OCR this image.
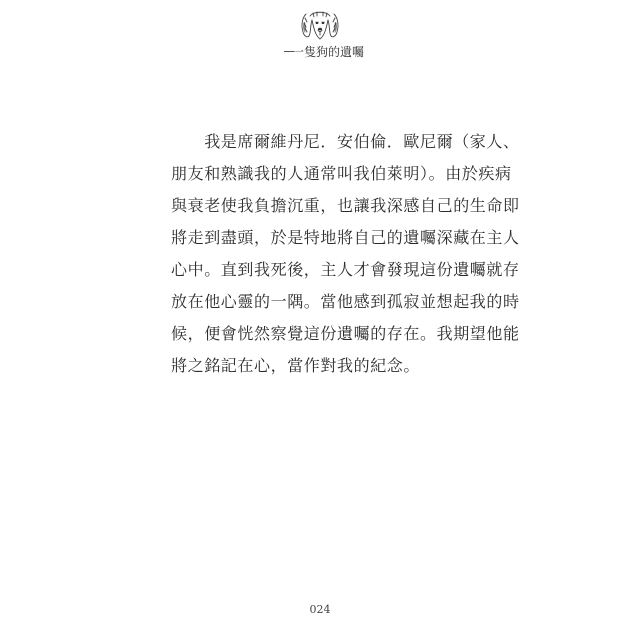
一隻狗的遺囑
　　我是席爾維丹尼．安伯倫．歐尼爾（家人、
朋友和熟識我的人通常叫我伯萊明）。由於疾病
與衰老使我負擔沉重，也讓我深感自己的生命即
將走到盡頭，於是特地將自己的遺囑深藏在主人
心中。直到我死後，主人才會發現這份遺囑就存
放在他心靈的一隅。當他感到孤寂並想起我的時
候，便會恍然察覺這份遺囑的存在。我期望他能
將之銘記在心，當作對我的紀念。
024
